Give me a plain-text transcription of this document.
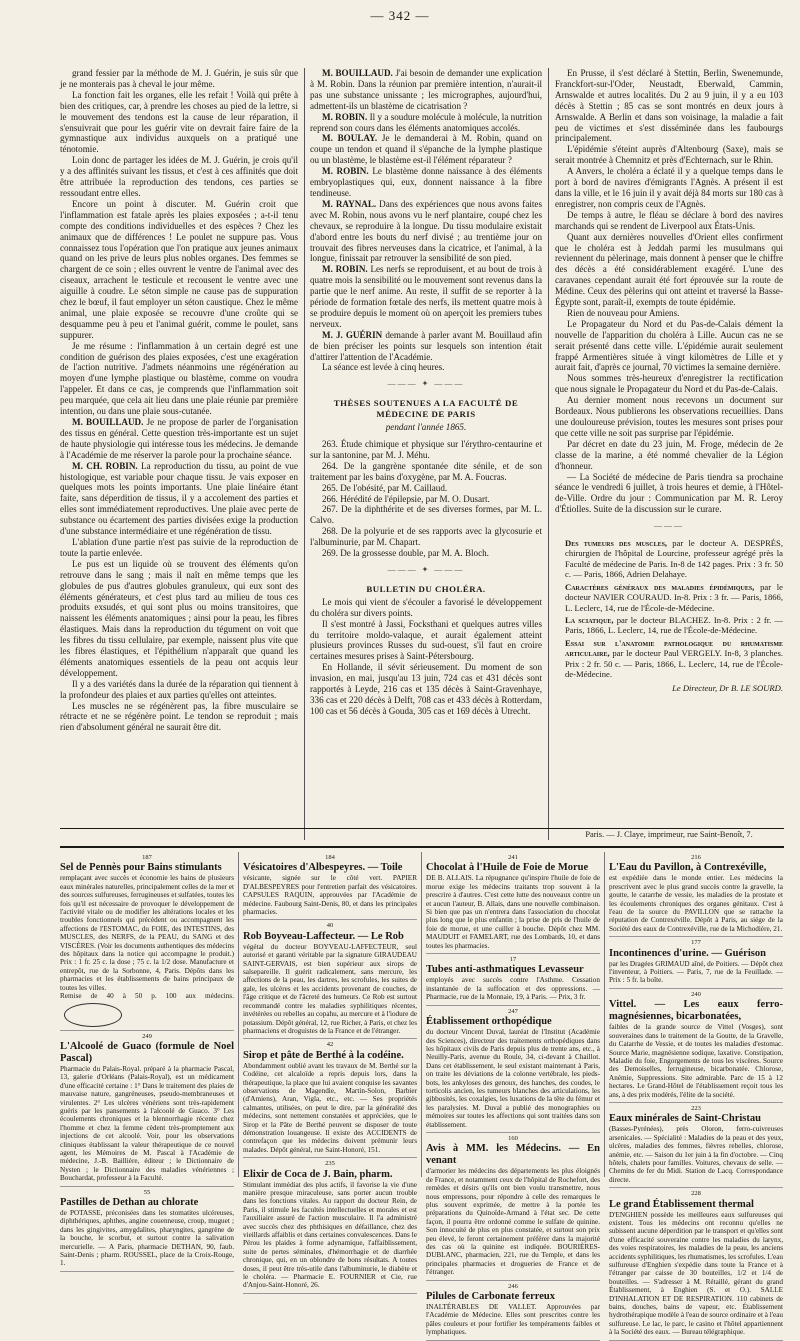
— 342 —

grand fessier par la méthode de M. J. Guérin, je suis sûr que je ne monterais pas à cheval le jour même.

La fonction fait les organes, elle les refait ! Voilà qui prête à bien des critiques, car, à prendre les choses au pied de la lettre, si le mouvement des tendons est la cause de leur réparation, il s'ensuivrait que pour les guérir vite on devrait faire faire de la gymnastique aux individus auxquels on a pratiqué une ténotomie.

Loin donc de partager les idées de M. J. Guérin, je crois qu'il y a des affinités suivant les tissus, et c'est à ces affinités que doit être attribuée la reproduction des tendons, ces parties se ressoudant entre elles.

Encore un point à discuter. M. Guérin croit que l'inflammation est fatale après les plaies exposées ; a-t-il tenu compte des conditions individuelles et des espèces ? Chez les animaux que de différences ! Le poulet ne suppure pas. Vous connaissez tous l'opération que l'on pratique aux jeunes animaux quand on les prive de leurs plus nobles organes. Des femmes se chargent de ce soin ; elles ouvrent le ventre de l'animal avec des ciseaux, arrachent le testicule et recousent le ventre avec une aiguille à coudre. Le séton simple ne cause pas de suppuration chez le bœuf, il faut employer un séton caustique. Chez le même animal, une plaie exposée se recouvre d'une croûte qui se desquamme peu à peu et l'animal guérit, comme le poulet, sans suppurer.

Je me résume : l'inflammation à un certain degré est une condition de guérison des plaies exposées, c'est une exagération de l'action nutritive. J'admets néanmoins une régénération au moyen d'une lymphe plastique ou blastème, comme on voudra l'appeler. Et dans ce cas, je comprends que l'inflammation soit peu marquée, que cela ait lieu dans une plaie réunie par première intention, ou dans une plaie sous-cutanée.

M. BOUILLAUD. Je ne propose de parler de l'organisation des tissus en général. Cette question très-importante est un sujet de haute physiologie qui intéresse tous les médecins. Je demande à l'Académie de me réserver la parole pour la prochaine séance.

M. CH. ROBIN. La reproduction du tissu, au point de vue histologique, est variable pour chaque tissu. Je vais exposer en quelques mots les points importants. Une plaie linéaire étant faite, sans déperdition de tissus, il y a accolement des parties et elles sont immédiatement reproductives. Une plaie avec perte de substance ou écartement des parties divisées exige la production d'une substance intermédiaire et une régénération de tissu.

L'ablation d'une partie n'est pas suivie de la reproduction de toute la partie enlevée.

Le pus est un liquide où se trouvent des éléments qu'on retrouve dans le sang ; mais il naît en même temps que les globules de pus d'autres globules granuleux, qui eux sont des éléments générateurs, et c'est plus tard au milieu de tous ces produits exsudés, et qui sont plus ou moins transitoires, que naissent les éléments anatomiques ; ainsi pour la peau, les fibres élastiques. Mais dans la reproduction du tégument on voit que les fibres du tissu cellulaire, par exemple, naissent plus vite que les fibres élastiques, et l'épithélium n'apparaît que quand les éléments anatomiques essentiels de la peau ont acquis leur développement.

Il y a des variétés dans la durée de la réparation qui tiennent à la profondeur des plaies et aux parties qu'elles ont atteintes.

Les muscles ne se régénèrent pas, la fibre musculaire se rétracte et ne se régénère point. Le tendon se reproduit ; mais rien d'absolument général ne saurait être dit.

M. BOUILLAUD. J'ai besoin de demander une explication à M. Robin. Dans la réunion par première intention, n'aurait-il pas une substance unissante ; les micrographes, aujourd'hui, admettent-ils un blastème de cicatrisation ?

M. ROBIN. Il y a soudure molécule à molécule, la nutrition reprend son cours dans les éléments anatomiques accolés.

M. BOULAY. Je le demanderai à M. Robin, quand on coupe un tendon et quand il s'épanche de la lymphe plastique ou un blastème, le blastème est-il l'élément réparateur ?

M. ROBIN. Le blastème donne naissance à des éléments embryoplastiques qui, eux, donnent naissance à la fibre tendineuse.

M. RAYNAL. Dans des expériences que nous avons faites avec M. Robin, nous avons vu le nerf plantaire, coupé chez les chevaux, se reproduire à la longue. Du tissu modulaire existait d'abord entre les bouts du nerf divisé ; au trentième jour on trouvait des fibres nerveuses dans la cicatrice, et l'animal, à la longue, finissait par retrouver la sensibilité de son pied.

M. ROBIN. Les nerfs se reproduisent, et au bout de trois à quatre mois la sensibilité ou le mouvement sont revenus dans la partie que le nerf anime. Au reste, il suffit de se reporter à la période de formation fœtale des nerfs, ils mettent quatre mois à se produire depuis le moment où on aperçoit les premiers tubes nerveux.

M. J. GUÉRIN demande à parler avant M. Bouillaud afin de bien préciser les points sur lesquels son intention était d'attirer l'attention de l'Académie.

La séance est levée à cinq heures.

——— ✦ ———
THÈSES SOUTENUES A LA FACULTÉ DE MÉDECINE DE PARIS
pendant l'année 1865.
263. Étude chimique et physique sur l'érythro-centaurine et sur la santonine, par M. J. Méhu.
264. De la gangrène spontanée dite sénile, et de son traitement par les bains d'oxygène, par M. A. Foucras.
265. De l'obésité, par M. Caillaud.
266. Hérédité de l'épilepsie, par M. O. Dusart.
267. De la diphthérite et de ses diverses formes, par M. L. Calvo.
268. De la polyurie et de ses rapports avec la glycosurie et l'albuminurie, par M. Chapart.
269. De la grossesse double, par M. A. Bloch.
——— ✦ ———
BULLETIN DU CHOLÉRA.

Le mois qui vient de s'écouler a favorisé le développement du choléra sur divers points.

Il s'est montré à Jassi, Focksthani et quelques autres villes du territoire moldo-valaque, et aurait également atteint plusieurs provinces Russes du sud-ouest, s'il faut en croire certaines mesures prises à Saint-Pétersbourg.

En Hollande, il sévit sérieusement. Du moment de son invasion, en mai, jusqu'au 13 juin, 724 cas et 431 décès sont rapportés à Leyde, 216 cas et 135 décès à Saint-Gravenhaye, 336 cas et 220 décès à Delft, 708 cas et 433 décès à Rotterdam, 100 cas et 56 décès à Gouda, 305 cas et 169 décès à Utrecht.

En Prusse, il s'est déclaré à Stettin, Berlin, Swenemunde, Franckfort-sur-l'Oder, Neustadt, Eberwald, Cammin, Arnswalde et autres localités. Du 2 au 9 juin, il y a eu 103 décès à Stettin ; 85 cas se sont montrés en deux jours à Arnswalde. A Berlin et dans son voisinage, la maladie a fait peu de victimes et s'est disséminée dans les faubourgs principalement.

L'épidémie s'éteint auprès d'Altenbourg (Saxe), mais se serait montrée à Chemnitz et près d'Echternach, sur le Rhin.

A Anvers, le choléra a éclaté il y a quelque temps dans le port à bord de navires d'émigrants l'Agnès. A présent il est dans la ville, et le 16 juin il y avait déjà 84 morts sur 180 cas à enregistrer, non compris ceux de l'Agnès.

De temps à autre, le fléau se déclare à bord des navires marchands qui se rendent de Liverpool aux États-Unis.

Quant aux dernières nouvelles d'Orient elles confirment que le choléra est à Jeddah parmi les musulmans qui reviennent du pèlerinage, mais donnent à penser que le chiffre des décès a été considérablement exagéré. L'une des caravanes cependant aurait été fort éprouvée sur la route de Médine. Ceux des pèlerins qui ont atteint et traversé la Basse-Égypte sont, paraît-il, exempts de toute épidémie.

Rien de nouveau pour Amiens.

Le Propagateur du Nord et du Pas-de-Calais dément la nouvelle de l'apparition du choléra à Lille. Aucun cas ne se serait présenté dans cette ville. L'épidémie aurait seulement frappé Armentières située à vingt kilomètres de Lille et y aurait fait, d'après ce journal, 70 victimes la semaine dernière.

Nous sommes très-heureux d'enregistrer la rectification que nous signale le Propagateur du Nord et du Pas-de-Calais.

Au dernier moment nous recevons un document sur Bordeaux. Nous publierons les observations recueillies. Dans une douloureuse prévision, toutes les mesures sont prises pour que cette ville ne soit pas surprise par l'épidémie.

Par décret en date du 23 juin, M. Froge, médecin de 2e classe de la marine, a été nommé chevalier de la Légion d'honneur.

— La Société de médecine de Paris tiendra sa prochaine séance le vendredi 6 juillet, à trois heures et demie, à l'Hôtel-de-Ville. Ordre du jour : Communication par M. R. Leroy d'Étiolles. Suite de la discussion sur le curare.

———

Des tumeurs des muscles, par le docteur A. DESPRÉS, chirurgien de l'hôpital de Lourcine, professeur agrégé près la Faculté de médecine de Paris. In-8 de 142 pages. Prix : 3 fr. 50 c. — Paris, 1866, Adrien Delahaye.

Caractères généraux des maladies épidémiques, par le docteur NAVIER COURAUD. In-8. Prix : 3 fr. — Paris, 1866, L. Leclerc, 14, rue de l'École-de-Médecine.

La sciatique, par le docteur BLACHEZ. In-8. Prix : 2 fr. — Paris, 1866, L. Leclerc, 14, rue de l'École-de-Médecine.

Essai sur l'anatomie pathologique du rhumatisme articulaire, par le docteur Paul VERGELY. In-8, 3 planches. Prix : 2 fr. 50 c. — Paris, 1866, L. Leclerc, 14, rue de l'École-de-Médecine.

Le Directeur, Dr B. LE SOURD.
Paris. — J. Claye, imprimeur, rue Saint-Benoît, 7.
187
Sel de Pennès pour Bains stimulants

remplaçant avec succès et économie les bains de plusieurs eaux minérales naturelles, principalement celles de la mer et des sources sulfureuses, ferrugineuses et sulfatées, toutes les fois qu'il est nécessaire de provoquer le développement de l'activité vitale ou de modifier les altérations locales et les troubles fonctionnels qui précèdent ou accompagnent les affections de l'ESTOMAC, du FOIE, des INTESTINS, des MUSCLES, des NERFS, de la PEAU, du SANG et des VISCÈRES. (Voir les documents authentiques des médecins des hôpitaux dans la notice qui accompagne le produit.) Prix : 1 fr. 25 c. la dose ; 75 c. la 1/2 dose. Manufacture et entrepôt, rue de la Sorbonne, 4, Paris. Dépôts dans les pharmacies et les établissements de bains principaux de toutes les villes.

Remise de 40 à 50 p. 100 aux médecins.

249
L'Alcoolé de Guaco (formule de Noel Pascal)

Pharmacie du Palais-Royal. préparé à la pharmacie Pascal, 13, galerie d'Orléans (Palais-Royal), est un médicament d'une efficacité certaine : 1° Dans le traitement des plaies de mauvaise nature, gangréneuses, pseudo-membraneuses et virulentes. 2° Les ulcères vénériens sont très-rapidement guéris par les pansements à l'alcoolé de Guaco. 3° Les écoulements chroniques et la blennorrhagie récente chez l'homme et chez la femme cèdent très-promptement aux injections de cet alcoolé. Voir, pour les observations cliniques établissant la valeur thérapeutique de ce nouvel agent, les Mémoires de M. Pascal à l'Académie de médecine, J.-B. Baillière, éditeur ; le Dictionnaire de Nysten ; le Dictionnaire des maladies vénériennes ; Bouchardat, professeur à la Faculté.

55
Pastilles de Dethan au chlorate

de POTASSE, préconisées dans les stomatites ulcéreuses, diphthériques, aphthes, angine couenneuse, croup, muguet ; dans les gingivites, amygdalites, pharyngites, gangrène de la bouche, le scorbut, et surtout contre la salivation mercurielle. — A Paris, pharmacie DETHAN, 90, faub. Saint-Denis ; pharm. ROUSSEL, place de la Croix-Rouge, 1.

184
Vésicatoires d'Albespeyres. — Toile

vésicante, signée sur le côté vert. PAPIER D'ALBESPEYRES pour l'entretien parfait des vésicatoires. CAPSULES RAQUIN, approuvées par l'Académie de médecine. Faubourg Saint-Denis, 80, et dans les principales pharmacies.

40
Rob Boyveau-Laffecteur. — Le Rob

végétal du docteur BOYVEAU-LAFFECTEUR, seul autorisé et garanti véritable par la signature GIRAUDEAU SAINT-GERVAIS, est bien supérieur aux sirops de salsepareille. Il guérit radicalement, sans mercure, les affections de la peau, les dartres, les scrofules, les suites de gale, les ulcères et les accidents provenant de couches, de l'âge critique et de l'âcreté des humeurs. Ce Rob est surtout recommandé contre les maladies syphilitiques récentes, invétérées ou rebelles au copahu, au mercure et à l'iodure de potassium. Dépôt général, 12, rue Richer, à Paris, et chez les pharmaciens et droguistes de la France et de l'étranger.

42
Sirop et pâte de Berthé à la codéine.

Abondamment oublié avant les travaux de M. Berthé sur la Codéine, cet alcaloïde a repris depuis lors, dans la thérapeutique, la place que lui avaient conquise les savantes observations de Magendie, Martin-Solon, Barbier (d'Amiens), Aran, Vigla, etc., etc. — Ses propriétés calmantes, utilisées, on peut le dire, par la généralité des médecins, sont nettement constatées et appréciées, que le Sirop et la Pâte de Berthé peuvent se disposer de toute démonstration louangeuse. Il existe des ACCIDENTS de contrefaçon que les médecins doivent prémunir leurs malades. Dépôt général, rue Saint-Honoré, 151.

235
Elixir de Coca de J. Bain, pharm.

Stimulant immédiat des plus actifs, il favorise la vie d'une manière presque miraculeuse, sans porter aucun trouble dans les fonctions vitales. Au rapport du docteur Rein, de Paris, il stimule les facultés intellectuelles et morales et est l'auxiliaire assuré de l'action musculaire. Il l'a administré avec succès chez des phthisiques en défaillance, chez des vieillards affaiblis et dans certaines convalescences. Dans le Pérou les plaides à forme adynamique, l'affaiblissement, suite de pertes séminales, d'hémorrhagie et de diarrhée chronique, qui, en un oblondre de bons résultats. A toutes doses, il peut être très-utile dans l'albuminurie, le diabète et le choléra. — Pharmacie E. FOURNIER et Cie, rue d'Anjou-Saint-Honoré, 26.

241
Chocolat à l'Huile de Foie de Morue

DE B. ALLAIS. La répugnance qu'inspire l'huile de foie de morue exige les médecins traitants trop souvent à la prescrire à d'autres. C'est cette lutte des nouveaux contre un et aucun l'auteur, B. Allais, dans une nouvelle combinaison. Si bien que pas un n'entrera dans l'association du chocolat plus long que le plus enfantin ; la prise de pris de l'huile de foie de morue, et une cuiller à bouche. Dépôt chez MM. MAUDUIT et FAMELART, rue des Lombards, 10, et dans toutes les pharmacies.

17
Tubes anti-asthmatiques Levasseur

employés avec succès contre l'Asthme. Cessation instantanée de la suffocation et des oppressions. — Pharmacie, rue de la Monnaie, 19, à Paris. — Prix, 3 fr.

247
Établissement orthopédique

du docteur Vincent Duval, lauréat de l'Institut (Académie des Sciences), directeur des traitements orthopédiques dans les hôpitaux civils de Paris depuis plus de trente ans, etc., à Neuilly-Paris, avenue du Roule, 34, ci-devant à Chaillot. Dans cet établissement, le seul existant maintenant à Paris, on traite les déviations de la colonne vertébrale, les pieds-bots, les ankyloses des genoux, des hanches, des coudes, le torticolis ancien, les tumeurs blanches des articulations, les gibbosités, les coxalgies, les luxations de la tête du fémur et les paralysies. M. Duval a publié des monographies ou mémoires sur toutes les affections qui sont traitées dans son établissement.

160
Avis à MM. les Médecins. — En venant

d'armorier les médecins des départements les plus éloignés de France, et notamment ceux de l'hôpital de Rochefort, des remèdes et désirs qu'ils ont bien voulu transmettre, nous nous empressons, pour répondre à celle des remarques le plus souvent exprimée, de mettre à la portée les préparations du Quinoïde-Armand à l'état sec. De cette façon, il pourra être ordonné comme le sulfate de quinine. Son innocuité de plus en plus constatée, et surtout son prix peu élevé, le feront certainement préférer dans la majorité des cas où la quinine est indiquée. BOURIÈRES-DUBLANC, pharmacien, 221, rue du Temple, et dans les principales pharmacies et drogueries de France et de l'étranger.

246
Pilules de Carbonate ferreux

INALTÉRABLES DE VALLET. Approuvées par l'Académie de Médecine. Elles sont prescrites contre les pâles couleurs et pour fortifier les tempéraments faibles et lymphatiques.

216
L'Eau du Pavillon, à Contrexéville,

est expédiée dans le monde entier. Les médecins la prescrivent avec le plus grand succès contre la gravelle, la goutte, le catarrhe de vessie, les maladies de la prostate et les écoulements chroniques des organes génitaux. C'est à l'eau de la source du PAVILLON que se rattache la réputation de Contrexéville. Dépôt à Paris, au siége de la Société des eaux de Contrexéville, rue de la Michodière, 21.

177
Incontinences d'urine. — Guérison

par les Dragées GRIMAUD aîné, de Poitiers. — Dépôt chez l'inventeur, à Poitiers. — Paris, 7, rue de la Feuillade. — Prix : 5 fr. la boîte.

240
Vittel. — Les eaux ferro-magnésiennes, bicarbonatées,

faibles de la grande source de Vittel (Vosges), sont souveraines dans le traitement de la Goutte, de la Gravelle, du Catarrhe de Vessie, et de toutes les maladies d'estomac. Source Marie, magnésienne sodique, laxative. Constipation, Maladie du foie, Engorgements de tous les viscères. Source des Demoiselles, ferrugineuse, bicarbonatée. Chlorose, Anémie, Suppressions. Site admirable. Parc de 15 à 12 hectares. Le Grand-Hôtel de l'établissement reçoit tous les ans, à des prix modérés, l'élite de la société.

223
Eaux minérales de Saint-Christau

(Basses-Pyrénées), près Oloron, ferro-cuivreuses arsenicales. — Spécialité : Maladies de la peau et des yeux, ulcères, maladies des femmes, fièvres rebelles, chlorose, anémie, etc. — Saison du 1er juin à la fin d'octobre. — Cinq hôtels, chalets pour familles. Voitures, chevaux de selle. — Chemins de fer du Midi. Station de Lacq. Correspondance directe.

228
Le grand Établissement thermal

D'ENGHIEN possède les meilleures eaux sulfureuses qui existent. Tous les médecins ont reconnu qu'elles ne subissent aucune déperdition par le transport et qu'elles sont d'une efficacité souveraine contre les maladies du larynx, des voies respiratoires, les maladies de la peau, les anciens accidents syphilitiques, les rhumatismes, les scrofules. L'eau sulfureuse d'Enghien s'expédie dans toute la France et à l'étranger par caisse de 30 bouteilles, 1/2 et 1/4 de bouteilles. — S'adresser à M. Rétaillé, gérant du grand Établissement, à Enghien (S. et O.). SALLE D'INHALATION ET DE RESPIRATION. 110 cabinets de bains, douches, bains de vapeur, etc. Établissement hydrothérapique modèle à l'eau de source ordinaire et à l'eau sulfureuse. Le lac, le parc, le casino et l'hôtel appartiennent à la Société des eaux. — Bureau télégraphique.
